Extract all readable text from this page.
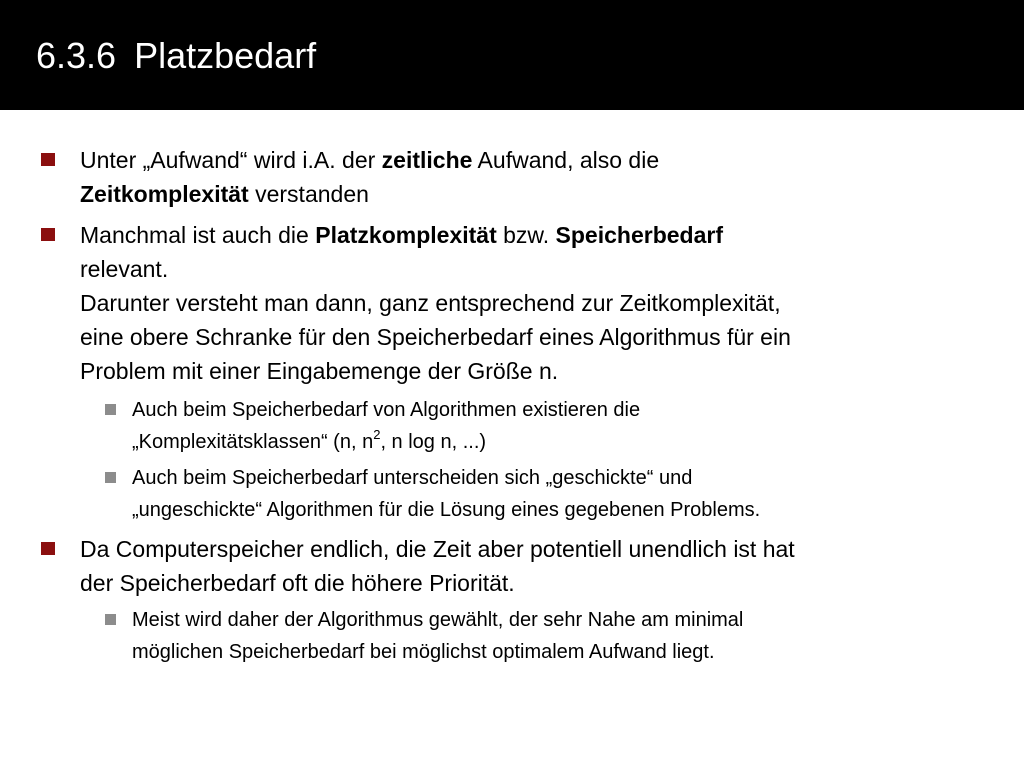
6.3.6 Platzbedarf

Unter „Aufwand“ wird i.A. der zeitliche Aufwand, also die
Zeitkomplexität verstanden

Manchmal ist auch die Platzkomplexität bzw. Speicherbedarf
relevant.
Darunter versteht man dann, ganz entsprechend zur Zeitkomplexität,
eine obere Schranke für den Speicherbedarf eines Algorithmus für ein
Problem mit einer Eingabemenge der Größe n.

Auch beim Speicherbedarf von Algorithmen existieren die
„Komplexitätsklassen“ (n, $n^2$, n log n, ...)

Auch beim Speicherbedarf unterscheiden sich „geschickte“ und
„ungeschickte“ Algorithmen für die Lösung eines gegebenen Problems.

Da Computerspeicher endlich, die Zeit aber potentiell unendlich ist hat
der Speicherbedarf oft die höhere Priorität.

Meist wird daher der Algorithmus gewählt, der sehr Nahe am minimal
möglichen Speicherbedarf bei möglichst optimalem Aufwand liegt.
